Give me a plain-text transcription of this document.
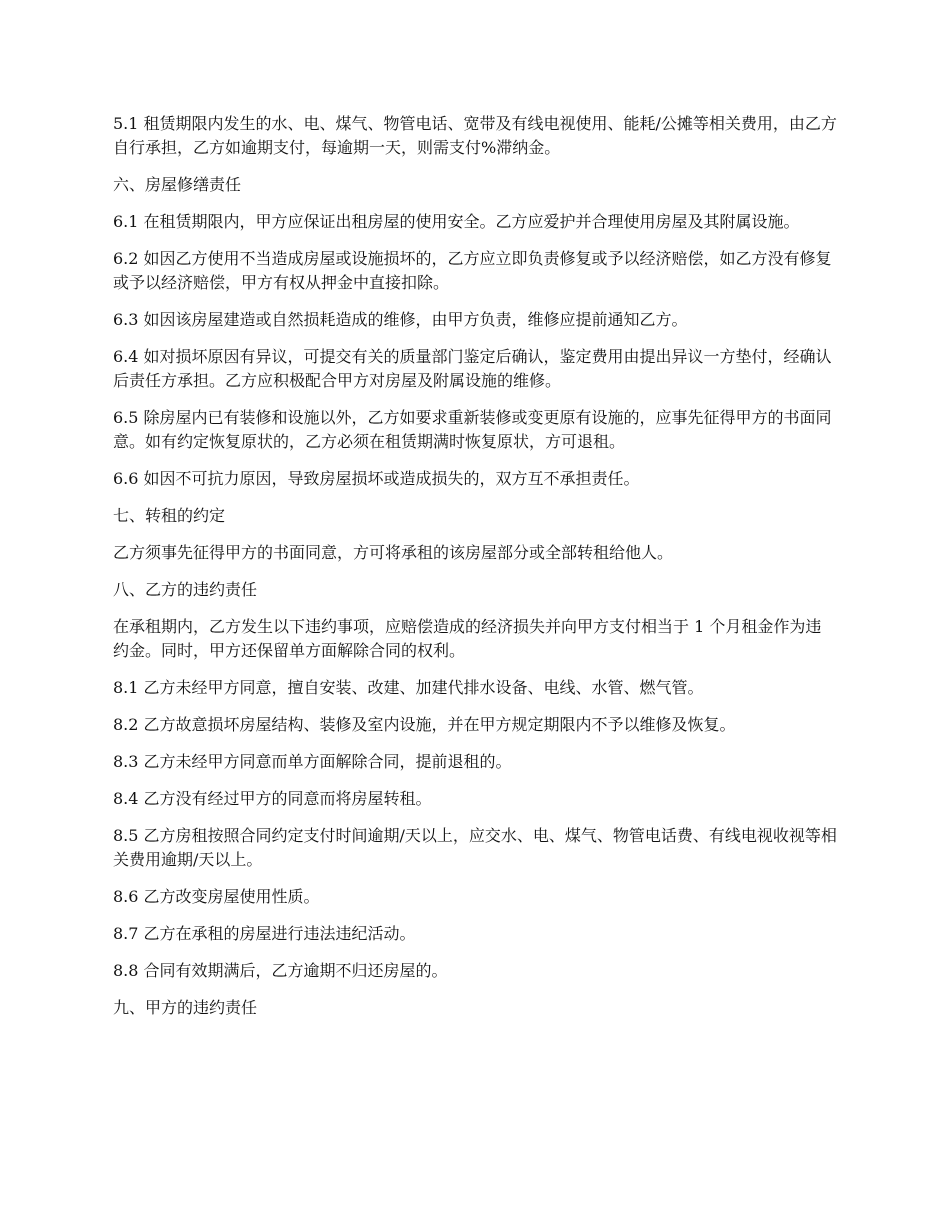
5.1 租赁期限内发生的水、电、煤气、物管电话、宽带及有线电视使用、能耗/公摊等相关费用，由乙方自行承担，乙方如逾期支付，每逾期一天，则需支付%滞纳金。

六、房屋修缮责任

6.1 在租赁期限内，甲方应保证出租房屋的使用安全。乙方应爱护并合理使用房屋及其附属设施。

6.2 如因乙方使用不当造成房屋或设施损坏的，乙方应立即负责修复或予以经济赔偿，如乙方没有修复或予以经济赔偿，甲方有权从押金中直接扣除。

6.3 如因该房屋建造或自然损耗造成的维修，由甲方负责，维修应提前通知乙方。

6.4 如对损坏原因有异议，可提交有关的质量部门鉴定后确认，鉴定费用由提出异议一方垫付，经确认后责任方承担。乙方应积极配合甲方对房屋及附属设施的维修。

6.5 除房屋内已有装修和设施以外，乙方如要求重新装修或变更原有设施的，应事先征得甲方的书面同意。如有约定恢复原状的，乙方必须在租赁期满时恢复原状，方可退租。

6.6 如因不可抗力原因，导致房屋损坏或造成损失的，双方互不承担责任。

七、转租的约定

乙方须事先征得甲方的书面同意，方可将承租的该房屋部分或全部转租给他人。

八、乙方的违约责任

在承租期内，乙方发生以下违约事项，应赔偿造成的经济损失并向甲方支付相当于 1 个月租金作为违约金。同时，甲方还保留单方面解除合同的权利。

8.1 乙方未经甲方同意，擅自安装、改建、加建代排水设备、电线、水管、燃气管。

8.2 乙方故意损坏房屋结构、装修及室内设施，并在甲方规定期限内不予以维修及恢复。

8.3 乙方未经甲方同意而单方面解除合同，提前退租的。

8.4 乙方没有经过甲方的同意而将房屋转租。

8.5 乙方房租按照合同约定支付时间逾期/天以上，应交水、电、煤气、物管电话费、有线电视收视等相关费用逾期/天以上。

8.6 乙方改变房屋使用性质。

8.7 乙方在承租的房屋进行违法违纪活动。

8.8 合同有效期满后，乙方逾期不归还房屋的。

九、甲方的违约责任
